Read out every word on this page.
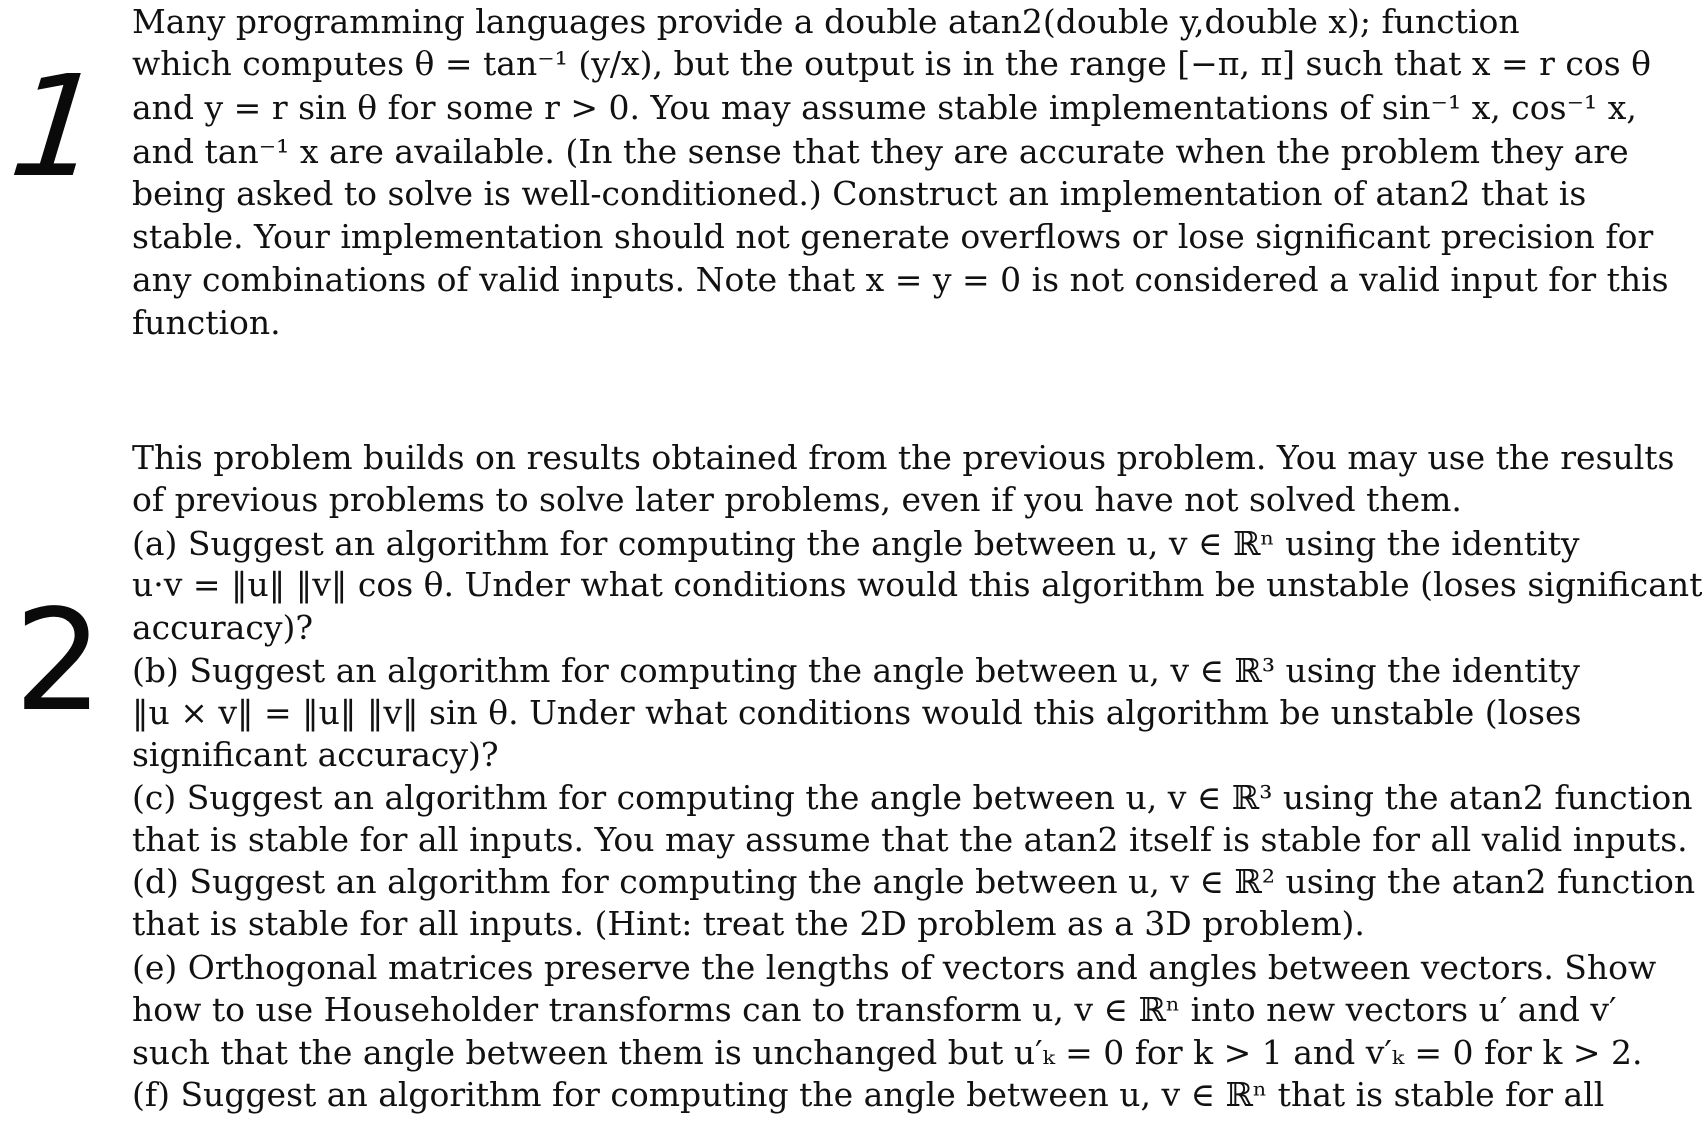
1
2
Many programming languages provide a double atan2(double y,double x); function
which computes θ = tan⁻¹ (y/x), but the output is in the range [−π, π] such that x = r cos θ
and y = r sin θ for some r > 0. You may assume stable implementations of sin⁻¹ x, cos⁻¹ x,
and tan⁻¹ x are available. (In the sense that they are accurate when the problem they are
being asked to solve is well-conditioned.) Construct an implementation of atan2 that is
stable. Your implementation should not generate overflows or lose significant precision for
any combinations of valid inputs. Note that x = y = 0 is not considered a valid input for this
function.
This problem builds on results obtained from the previous problem. You may use the results
of previous problems to solve later problems, even if you have not solved them.
(a) Suggest an algorithm for computing the angle between u, v ∈ ℝⁿ using the identity
u·v = ‖u‖ ‖v‖ cos θ. Under what conditions would this algorithm be unstable (loses significant
accuracy)?
(b) Suggest an algorithm for computing the angle between u, v ∈ ℝ³ using the identity
‖u × v‖ = ‖u‖ ‖v‖ sin θ. Under what conditions would this algorithm be unstable (loses
significant accuracy)?
(c) Suggest an algorithm for computing the angle between u, v ∈ ℝ³ using the atan2 function
that is stable for all inputs. You may assume that the atan2 itself is stable for all valid inputs.
(d) Suggest an algorithm for computing the angle between u, v ∈ ℝ² using the atan2 function
that is stable for all inputs. (Hint: treat the 2D problem as a 3D problem).
(e) Orthogonal matrices preserve the lengths of vectors and angles between vectors. Show
how to use Householder transforms can to transform u, v ∈ ℝⁿ into new vectors u′ and v′
such that the angle between them is unchanged but u′ₖ = 0 for k > 1 and v′ₖ = 0 for k > 2.
(f) Suggest an algorithm for computing the angle between u, v ∈ ℝⁿ that is stable for all
